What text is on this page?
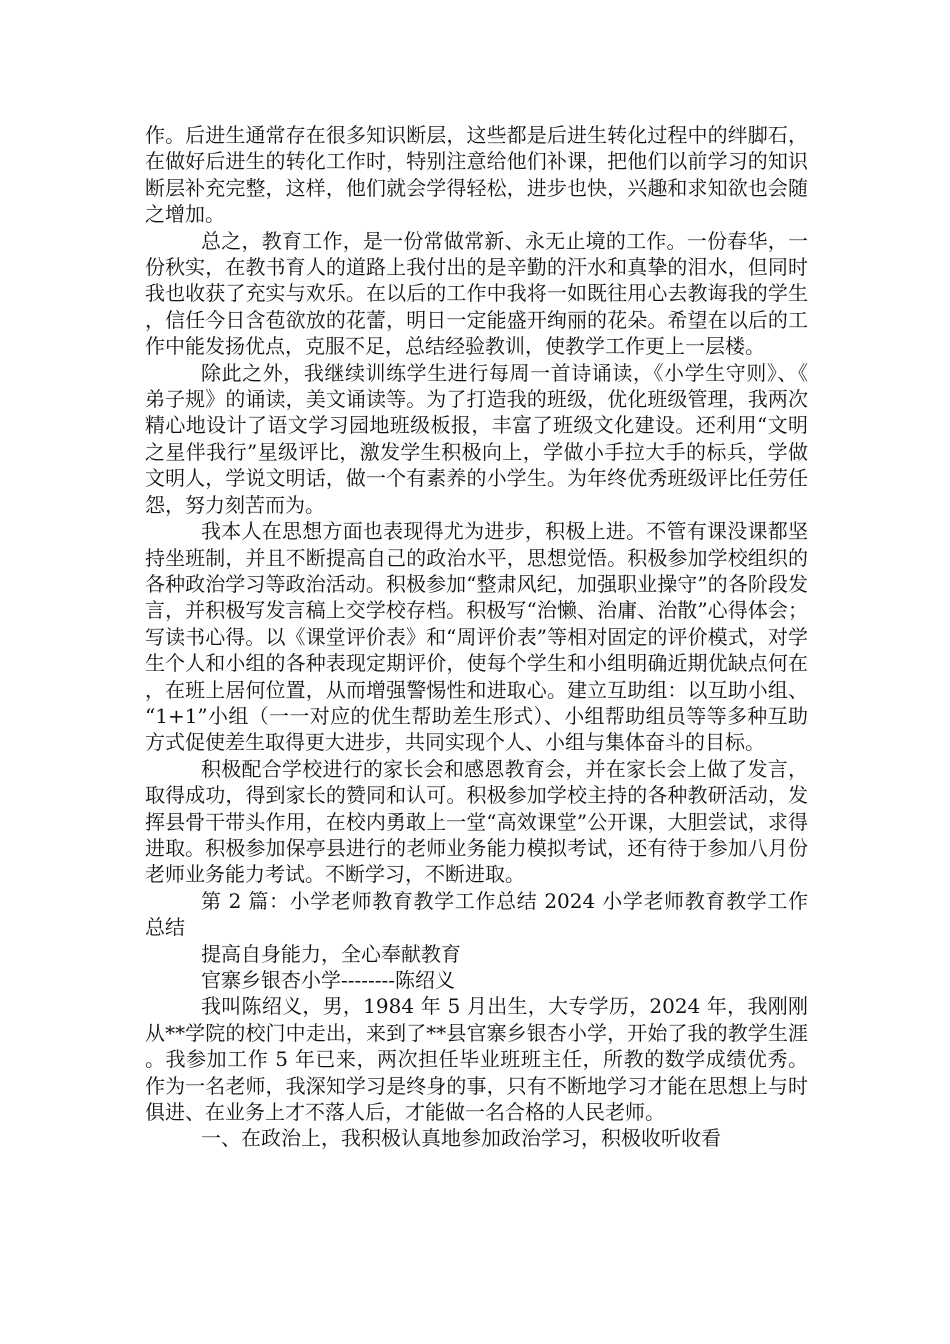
作。后进生通常存在很多知识断层，这些都是后进生转化过程中的绊脚石，在做好后进生的转化工作时，特别注意给他们补课，把他们以前学习的知识断层补充完整，这样，他们就会学得轻松，进步也快，兴趣和求知欲也会随之增加。

总之，教育工作，是一份常做常新、永无止境的工作。一份春华，一份秋实，在教书育人的道路上我付出的是辛勤的汗水和真挚的泪水，但同时我也收获了充实与欢乐。在以后的工作中我将一如既往用心去教诲我的学生，信任今日含苞欲放的花蕾，明日一定能盛开绚丽的花朵。希望在以后的工作中能发扬优点，克服不足，总结经验教训，使教学工作更上一层楼。

除此之外，我继续训练学生进行每周一首诗诵读，《小学生守则》、《弟子规》的诵读，美文诵读等。为了打造我的班级，优化班级管理，我两次精心地设计了语文学习园地班级板报，丰富了班级文化建设。还利用“文明之星伴我行”星级评比，激发学生积极向上，学做小手拉大手的标兵，学做文明人，学说文明话，做一个有素养的小学生。为年终优秀班级评比任劳任怨，努力刻苦而为。

我本人在思想方面也表现得尤为进步，积极上进。不管有课没课都坚持坐班制，并且不断提高自己的政治水平，思想觉悟。积极参加学校组织的各种政治学习等政治活动。积极参加“整肃风纪，加强职业操守”的各阶段发言，并积极写发言稿上交学校存档。积极写“治懒、治庸、治散”心得体会；写读书心得。以《课堂评价表》和“周评价表”等相对固定的评价模式，对学生个人和小组的各种表现定期评价，使每个学生和小组明确近期优缺点何在，在班上居何位置，从而增强警惕性和进取心。建立互助组：以互助小组、“1+1”小组（一一对应的优生帮助差生形式）、小组帮助组员等等多种互助方式促使差生取得更大进步，共同实现个人、小组与集体奋斗的目标。

积极配合学校进行的家长会和感恩教育会，并在家长会上做了发言，取得成功，得到家长的赞同和认可。积极参加学校主持的各种教研活动，发挥县骨干带头作用，在校内勇敢上一堂“高效课堂”公开课，大胆尝试，求得进取。积极参加保亭县进行的老师业务能力模拟考试，还有待于参加八月份老师业务能力考试。不断学习，不断进取。

第 2 篇：小学老师教育教学工作总结 2024 小学老师教育教学工作总结

提高自身能力，全心奉献教育

官寨乡银杏小学--------陈绍义

我叫陈绍义，男，1984 年 5 月出生，大专学历，2024 年，我刚刚从**学院的校门中走出，来到了**县官寨乡银杏小学，开始了我的教学生涯。我参加工作 5 年已来，两次担任毕业班班主任，所教的数学成绩优秀。作为一名老师，我深知学习是终身的事，只有不断地学习才能在思想上与时俱进、在业务上才不落人后，才能做一名合格的人民老师。

一、在政治上，我积极认真地参加政治学习，积极收听收看
